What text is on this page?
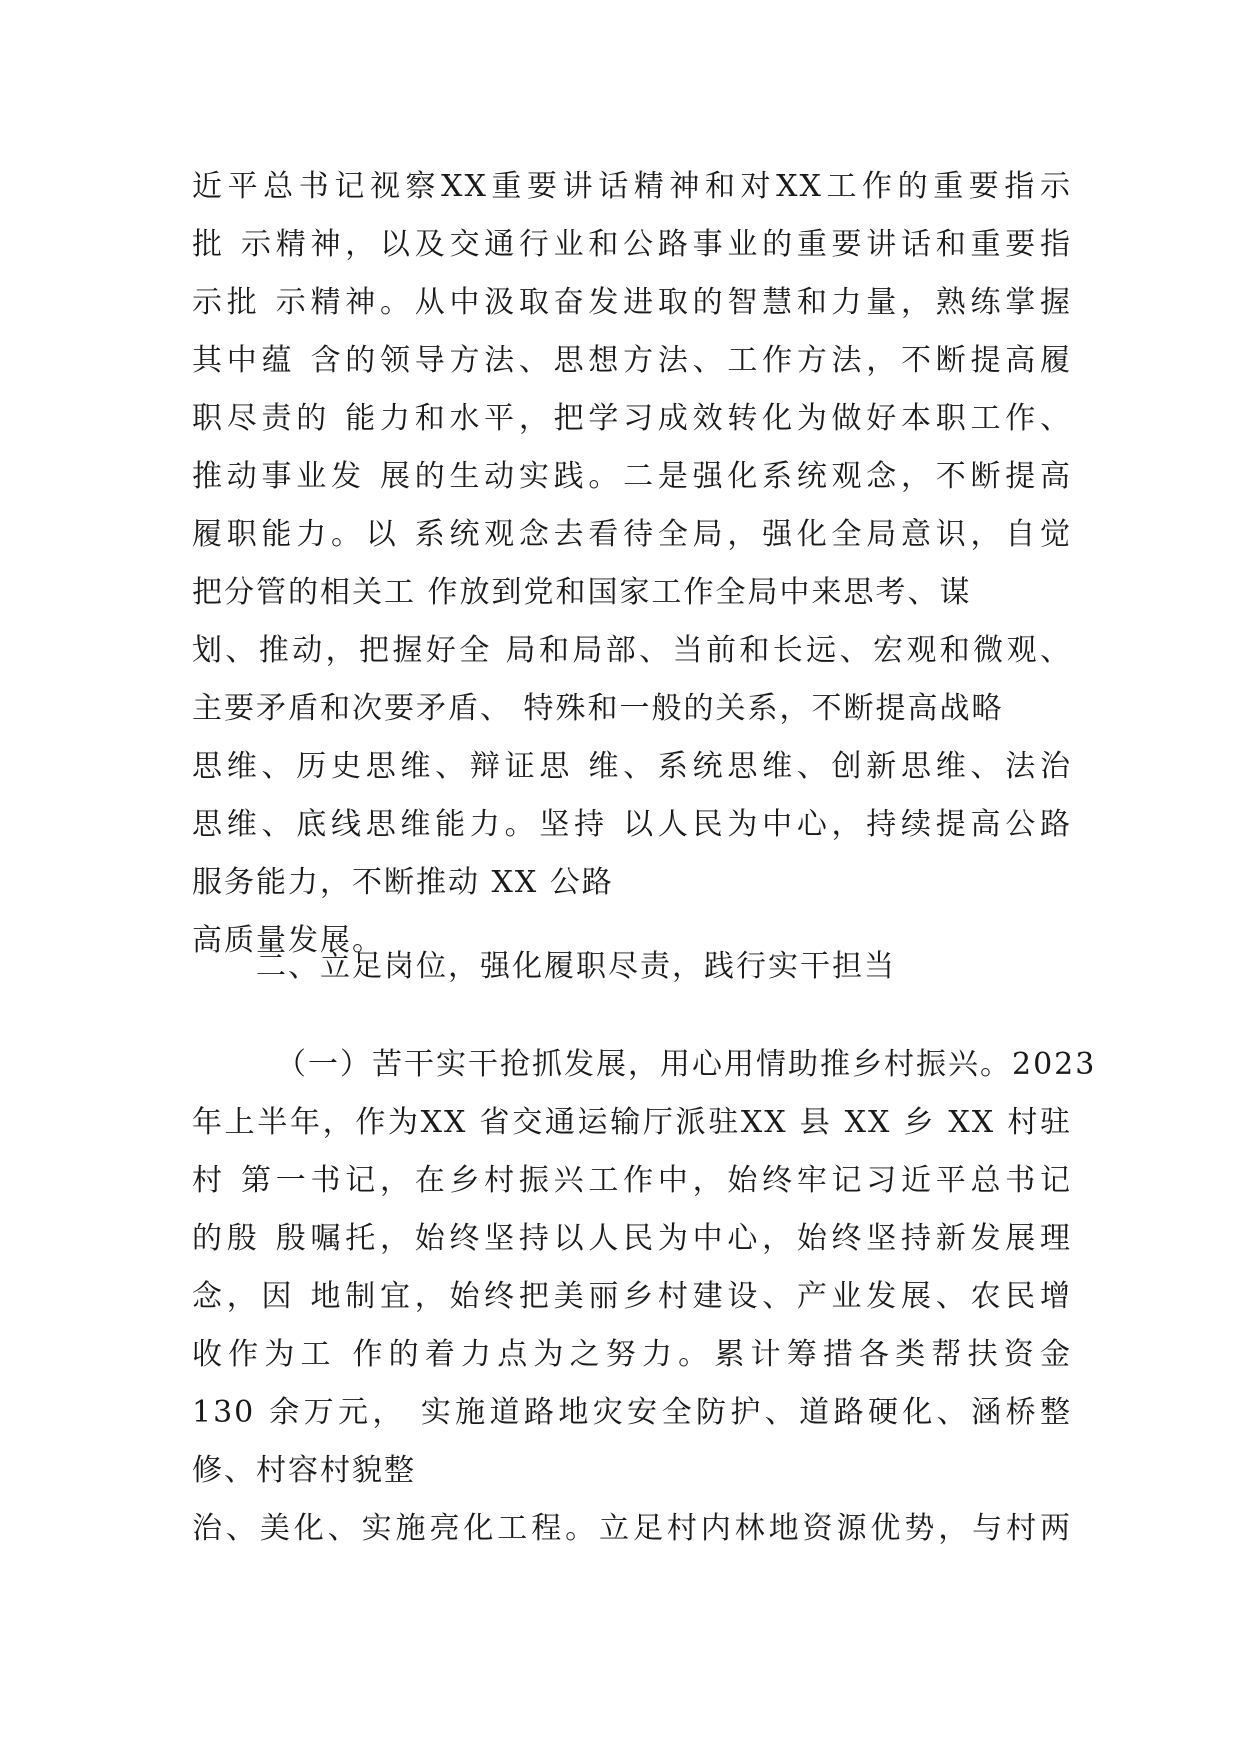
近平总书记视察XX重要讲话精神和对XX工作的重要指示
批 示精神，以及交通行业和公路事业的重要讲话和重要指
示批 示精神。从中汲取奋发进取的智慧和力量，熟练掌握
其中蕴 含的领导方法、思想方法、工作方法，不断提高履
职尽责的 能力和水平，把学习成效转化为做好本职工作、
推动事业发 展的生动实践。二是强化系统观念，不断提高
履职能力。以 系统观念去看待全局，强化全局意识，自觉
把分管的相关工 作放到党和国家工作全局中来思考、谋
划、推动，把握好全 局和局部、当前和长远、宏观和微观、
主要矛盾和次要矛盾、 特殊和一般的关系，不断提高战略
思维、历史思维、辩证思 维、系统思维、创新思维、法治
思维、底线思维能力。坚持 以人民为中心，持续提高公路
服务能力，不断推动 XX 公路
高质量发展。
二、立足岗位，强化履职尽责，践行实干担当
（一）苦干实干抢抓发展，用心用情助推乡村振兴。2023
年上半年，作为XX 省交通运输厅派驻XX 县 XX 乡 XX 村驻
村 第一书记，在乡村振兴工作中，始终牢记习近平总书记
的殷 殷嘱托，始终坚持以人民为中心，始终坚持新发展理
念，因 地制宜，始终把美丽乡村建设、产业发展、农民增
收作为工 作的着力点为之努力。累计筹措各类帮扶资金
130 余万元， 实施道路地灾安全防护、道路硬化、涵桥整
修、村容村貌整
治、美化、实施亮化工程。立足村内林地资源优势，与村两
